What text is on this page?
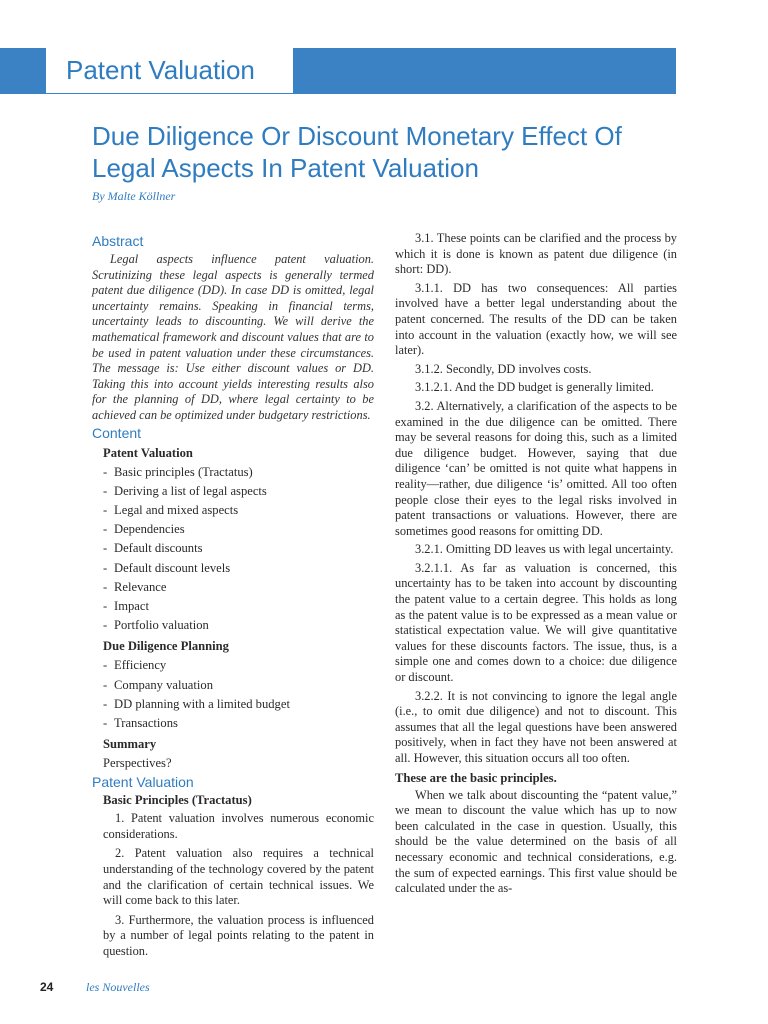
Patent Valuation
Due Diligence Or Discount Monetary Effect Of Legal Aspects In Patent Valuation
By Malte Köllner
Abstract

Legal aspects influence patent valuation. Scrutinizing these legal aspects is generally termed patent due diligence (DD). In case DD is omitted, legal uncertainty remains. Speaking in financial terms, uncertainty leads to discounting. We will derive the mathematical framework and discount values that are to be used in patent valuation under these circumstances. The message is: Use either discount values or DD. Taking this into account yields interesting results also for the planning of DD, where legal certainty to be achieved can be optimized under budgetary restrictions.

Content
Patent Valuation
- Basic principles (Tractatus)
- Deriving a list of legal aspects
- Legal and mixed aspects
- Dependencies
- Default discounts
- Default discount levels
- Relevance
- Impact
- Portfolio valuation
Due Diligence Planning
- Efficiency
- Company valuation
- DD planning with a limited budget
- Transactions
Summary
Perspectives?
Patent Valuation
Basic Principles (Tractatus)

1. Patent valuation involves numerous economic considerations.

2. Patent valuation also requires a technical understanding of the technology covered by the patent and the clarification of certain technical issues. We will come back to this later.

3. Furthermore, the valuation process is influenced by a number of legal points relating to the patent in question.

3.1. These points can be clarified and the process by which it is done is known as patent due diligence (in short: DD).

3.1.1. DD has two consequences: All parties involved have a better legal understanding about the patent concerned. The results of the DD can be taken into account in the valuation (exactly how, we will see later).

3.1.2. Secondly, DD involves costs.

3.1.2.1. And the DD budget is generally limited.

3.2. Alternatively, a clarification of the aspects to be examined in the due diligence can be omitted. There may be several reasons for doing this, such as a limited due diligence budget. However, saying that due diligence ‘can’ be omitted is not quite what happens in reality—rather, due diligence ‘is’ omitted. All too often people close their eyes to the legal risks involved in patent transactions or valuations. However, there are sometimes good reasons for omitting DD.

3.2.1. Omitting DD leaves us with legal uncertainty.

3.2.1.1. As far as valuation is concerned, this uncertainty has to be taken into account by discounting the patent value to a certain degree. This holds as long as the patent value is to be expressed as a mean value or statistical expectation value. We will give quantitative values for these discounts factors. The issue, thus, is a simple one and comes down to a choice: due diligence or discount.

3.2.2. It is not convincing to ignore the legal angle (i.e., to omit due diligence) and not to discount. This assumes that all the legal questions have been answered positively, when in fact they have not been answered at all. However, this situation occurs all too often.

These are the basic principles.

When we talk about discounting the “patent value,” we mean to discount the value which has up to now been calculated in the case in question. Usually, this should be the value determined on the basis of all necessary economic and technical considerations, e.g. the sum of expected earnings. This first value should be calculated under the as-

24	les Nouvelles
